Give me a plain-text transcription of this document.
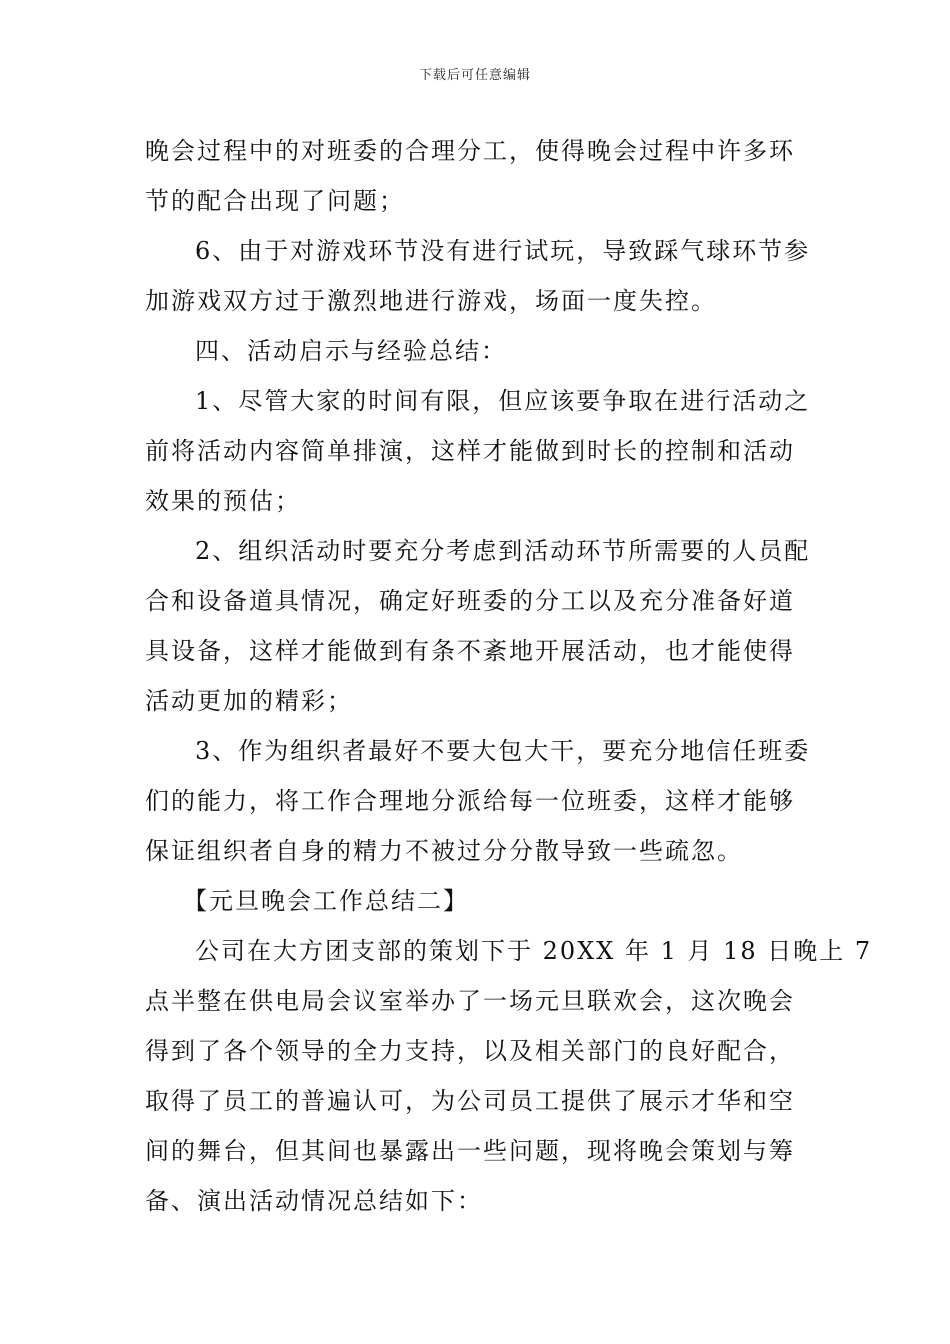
下载后可任意编辑
晚会过程中的对班委的合理分工，使得晚会过程中许多环
节的配合出现了问题；
6、由于对游戏环节没有进行试玩，导致踩气球环节参
加游戏双方过于激烈地进行游戏，场面一度失控。
四、活动启示与经验总结：
1、尽管大家的时间有限，但应该要争取在进行活动之
前将活动内容简单排演，这样才能做到时长的控制和活动
效果的预估；
2、组织活动时要充分考虑到活动环节所需要的人员配
合和设备道具情况，确定好班委的分工以及充分准备好道
具设备，这样才能做到有条不紊地开展活动，也才能使得
活动更加的精彩；
3、作为组织者最好不要大包大干，要充分地信任班委
们的能力，将工作合理地分派给每一位班委，这样才能够
保证组织者自身的精力不被过分分散导致一些疏忽。
【元旦晚会工作总结二】
公司在大方团支部的策划下于 20XX 年 1 月 18 日晚上 7
点半整在供电局会议室举办了一场元旦联欢会，这次晚会
得到了各个领导的全力支持，以及相关部门的良好配合，
取得了员工的普遍认可，为公司员工提供了展示才华和空
间的舞台，但其间也暴露出一些问题，现将晚会策划与筹
备、演出活动情况总结如下：
